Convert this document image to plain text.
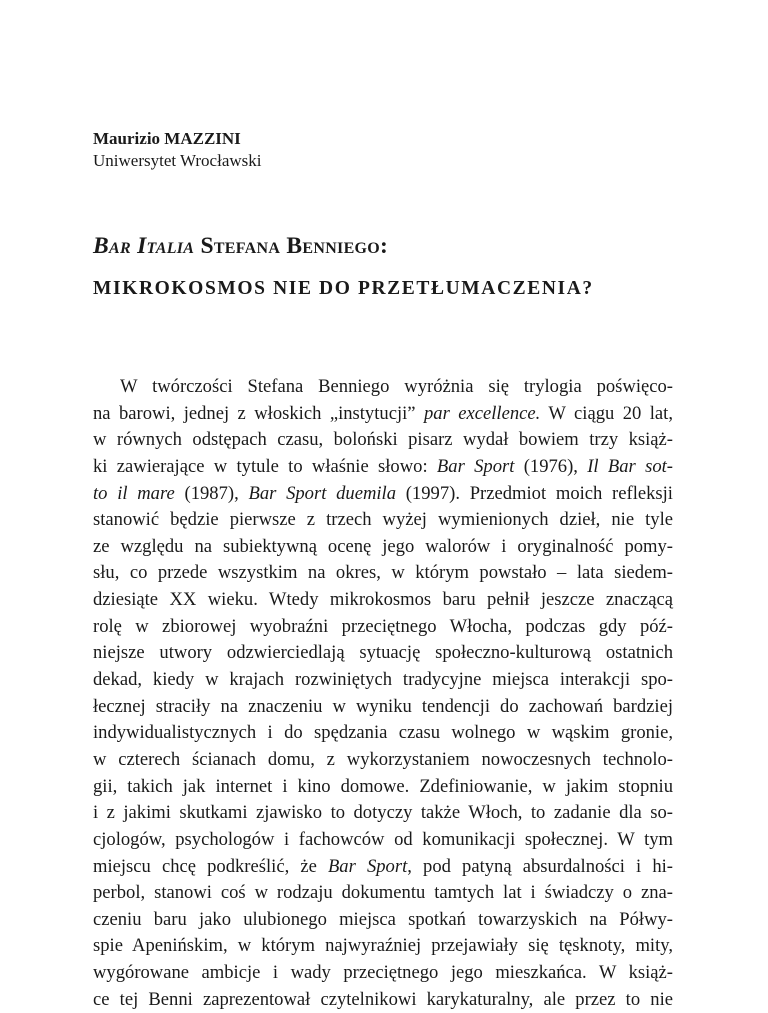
Maurizio MAZZINI
Uniwersytet Wrocławski
Bar Italia Stefana Benniego:
MIKROKOSMOS NIE DO PRZETŁUMACZENIA?
W twórczości Stefana Benniego wyróżnia się trylogia poświęco-
na barowi, jednej z włoskich „instytucji” par excellence. W ciągu 20 lat,
w równych odstępach czasu, boloński pisarz wydał bowiem trzy książ-
ki zawierające w tytule to właśnie słowo: Bar Sport (1976), Il Bar sot-
to il mare (1987), Bar Sport duemila (1997). Przedmiot moich refleksji
stanowić będzie pierwsze z trzech wyżej wymienionych dzieł, nie tyle
ze względu na subiektywną ocenę jego walorów i oryginalność pomy-
słu, co przede wszystkim na okres, w którym powstało – lata siedem-
dziesiąte XX wieku. Wtedy mikrokosmos baru pełnił jeszcze znaczącą
rolę w zbiorowej wyobraźni przeciętnego Włocha, podczas gdy póź-
niejsze utwory odzwierciedlają sytuację społeczno-kulturową ostatnich
dekad, kiedy w krajach rozwiniętych tradycyjne miejsca interakcji spo-
łecznej straciły na znaczeniu w wyniku tendencji do zachowań bardziej
indywidualistycznych i do spędzania czasu wolnego w wąskim gronie,
w czterech ścianach domu, z wykorzystaniem nowoczesnych technolo-
gii, takich jak internet i kino domowe. Zdefiniowanie, w jakim stopniu
i z jakimi skutkami zjawisko to dotyczy także Włoch, to zadanie dla so-
cjologów, psychologów i fachowców od komunikacji społecznej. W tym
miejscu chcę podkreślić, że Bar Sport, pod patyną absurdalności i hi-
perbol, stanowi coś w rodzaju dokumentu tamtych lat i świadczy o zna-
czeniu baru jako ulubionego miejsca spotkań towarzyskich na Półwy-
spie Apenińskim, w którym najwyraźniej przejawiały się tęsknoty, mity,
wygórowane ambicje i wady przeciętnego jego mieszkańca. W książ-
ce tej Benni zaprezentował czytelnikowi karykaturalny, ale przez to nie
